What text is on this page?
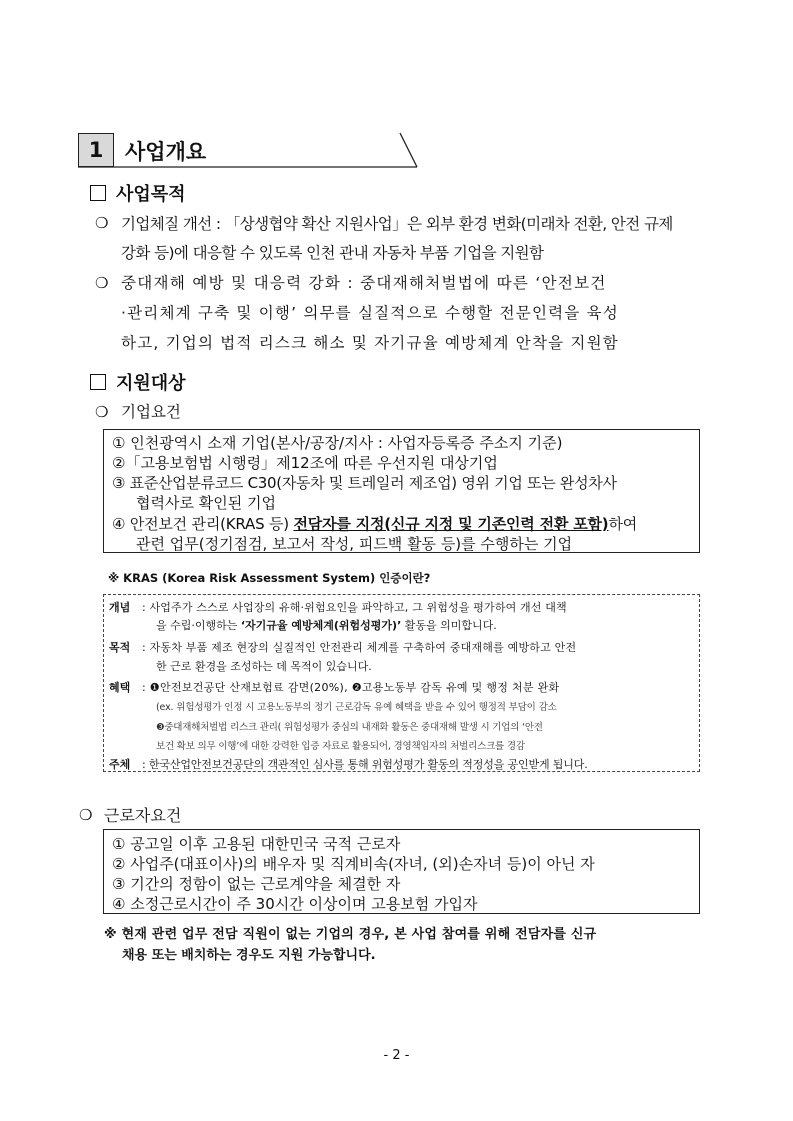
1	사업개요
사업목적
❍ 기업체질 개선 : 「상생협약 확산 지원사업」은 외부 환경 변화(미래차 전환, 안전 규제
강화 등)에 대응할 수 있도록 인천 관내 자동차 부품 기업을 지원함
❍ 중대재해 예방 및 대응력 강화 : 중대재해처벌법에 따른 ‘안전보건
·관리체계 구축 및 이행’ 의무를 실질적으로 수행할 전문인력을 육성
하고, 기업의 법적 리스크 해소 및 자기규율 예방체계 안착을 지원함
지원대상
❍ 기업요건
① 인천광역시 소재 기업(본사/공장/지사 : 사업자등록증 주소지 기준)
②「고용보험법 시행령」제12조에 따른 우선지원 대상기업
③ 표준산업분류코드 C30(자동차 및 트레일러 제조업) 영위 기업 또는 완성차사
협력사로 확인된 기업
④ 안전보건 관리(KRAS 등) 전담자를 지정(신규 지정 및 기존인력 전환 포함)하여
관련 업무(정기점검, 보고서 작성, 피드백 활동 등)를 수행하는 기업
※ KRAS (Korea Risk Assessment System) 인증이란?
개념 : 사업주가 스스로 사업장의 유해·위험요인을 파악하고, 그 위험성을 평가하여 개선 대책
을 수립·이행하는 ‘자기규율 예방체계(위험성평가)’ 활동을 의미합니다.
목적 : 자동차 부품 제조 현장의 실질적인 안전관리 체계를 구축하여 중대재해를 예방하고 안전
한 근로 환경을 조성하는 데 목적이 있습니다.
혜택 : ❶안전보건공단 산재보험료 감면(20%), ❷고용노동부 감독 유예 및 행정 처분 완화
(ex. 위험성평가 인정 시 고용노동부의 정기 근로감독 유예 혜택을 받을 수 있어 행정적 부담이 감소
❸중대재해처벌법 리스크 관리( 위험성평가 중심의 내재화 활동은 중대재해 발생 시 기업의 ‘안전
보건 확보 의무 이행’에 대한 강력한 입증 자료로 활용되어, 경영책임자의 처벌리스크를 경감
주체 : 한국산업안전보건공단의 객관적인 심사를 통해 위험성평가 활동의 적정성을 공인받게 됩니다.
❍ 근로자요건
① 공고일 이후 고용된 대한민국 국적 근로자
② 사업주(대표이사)의 배우자 및 직계비속(자녀, (외)손자녀 등)이 아닌 자
③ 기간의 정함이 없는 근로계약을 체결한 자
④ 소정근로시간이 주 30시간 이상이며 고용보험 가입자
※ 현재 관련 업무 전담 직원이 없는 기업의 경우, 본 사업 참여를 위해 전담자를 신규
채용 또는 배치하는 경우도 지원 가능합니다.
- 2 -
